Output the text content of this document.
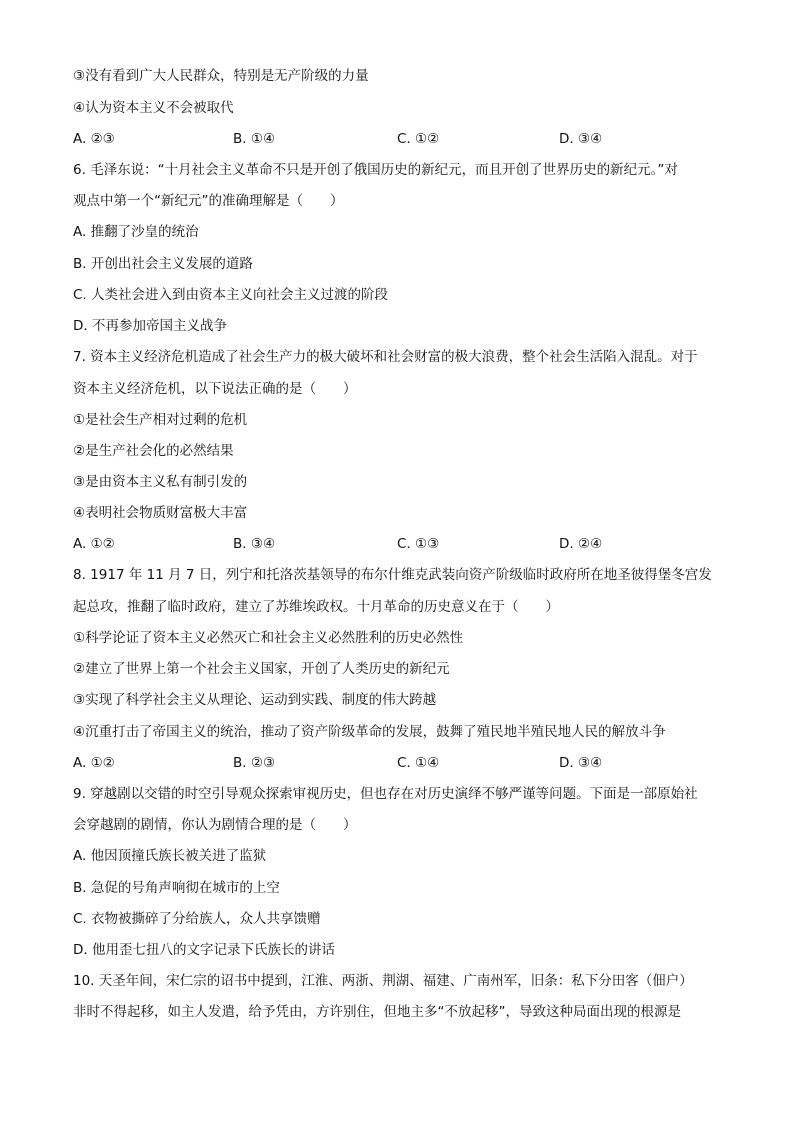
③没有看到广大人民群众，特别是无产阶级的力量
④认为资本主义不会被取代
A. ②③	B. ①④	C. ①②	D. ③④
6. 毛泽东说：“十月社会主义革命不只是开创了俄国历史的新纪元，而且开创了世界历史的新纪元。”对
观点中第一个“新纪元”的准确理解是（　　）
A. 推翻了沙皇的统治
B. 开创出社会主义发展的道路
C. 人类社会进入到由资本主义向社会主义过渡的阶段
D. 不再参加帝国主义战争
7. 资本主义经济危机造成了社会生产力的极大破坏和社会财富的极大浪费，整个社会生活陷入混乱。对于
资本主义经济危机，以下说法正确的是（　　）
①是社会生产相对过剩的危机
②是生产社会化的必然结果
③是由资本主义私有制引发的
④表明社会物质财富极大丰富
A. ①②	B. ③④	C. ①③	D. ②④
8. 1917 年 11 月 7 日，列宁和托洛茨基领导的布尔什维克武装向资产阶级临时政府所在地圣彼得堡冬宫发
起总攻，推翻了临时政府，建立了苏维埃政权。十月革命的历史意义在于（　　）
①科学论证了资本主义必然灭亡和社会主义必然胜利的历史必然性
②建立了世界上第一个社会主义国家，开创了人类历史的新纪元
③实现了科学社会主义从理论、运动到实践、制度的伟大跨越
④沉重打击了帝国主义的统治，推动了资产阶级革命的发展，鼓舞了殖民地半殖民地人民的解放斗争
A. ①②	B. ②③	C. ①④	D. ③④
9. 穿越剧以交错的时空引导观众探索审视历史，但也存在对历史演绎不够严谨等问题。下面是一部原始社
会穿越剧的剧情，你认为剧情合理的是（　　）
A. 他因顶撞氏族长被关进了监狱
B. 急促的号角声响彻在城市的上空
C. 衣物被撕碎了分给族人，众人共享馈赠
D. 他用歪七扭八的文字记录下氏族长的讲话
10. 天圣年间，宋仁宗的诏书中提到，江淮、两浙、荆湖、福建、广南州军，旧条：私下分田客（佃户）
非时不得起移，如主人发遣，给予凭由，方许别住，但地主多“不放起移”，导致这种局面出现的根源是
